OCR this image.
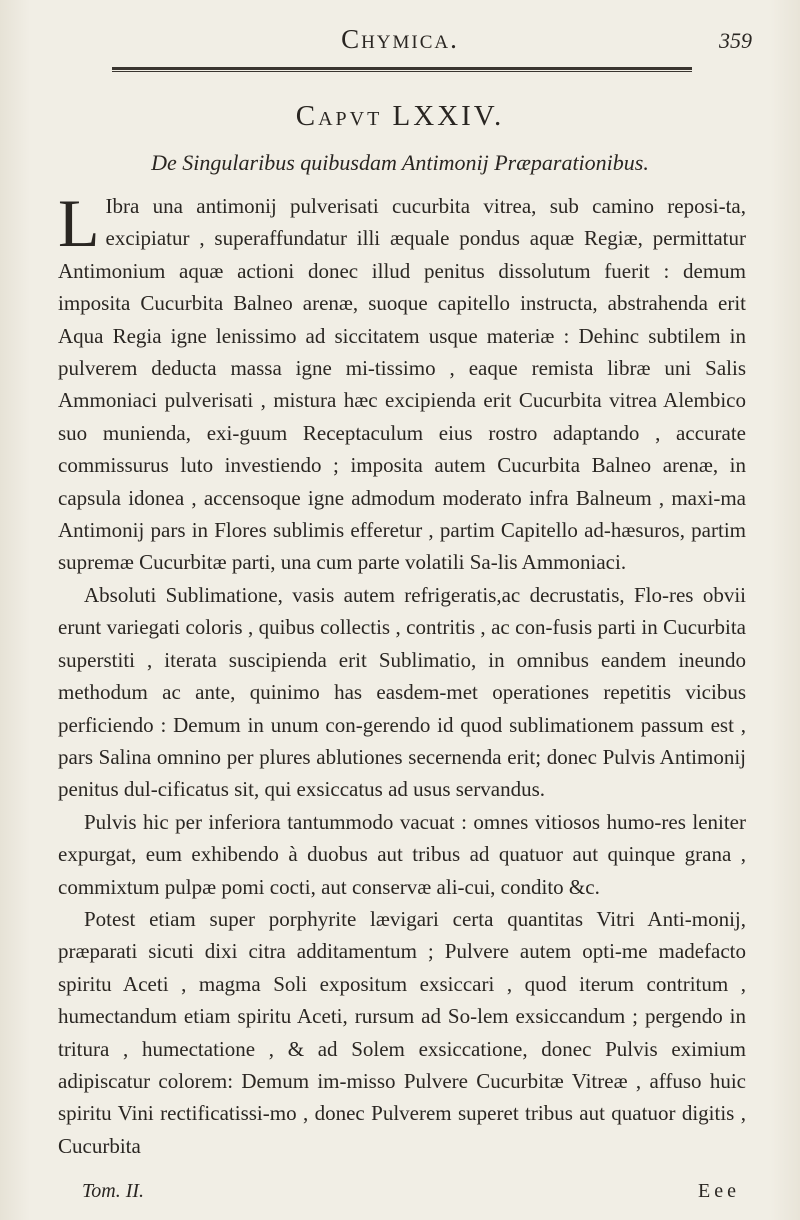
Chymica.	359
Capvt LXXIV.
De Singularibus quibusdam Antimonij Præparationibus.

L Ibra una antimonij pulverisati cucurbita vitrea, sub camino reposi-ta, excipiatur , superaffundatur illi æquale pondus aquæ Regiæ, permittatur Antimonium aquæ actioni donec illud penitus dissolutum fuerit : demum imposita Cucurbita Balneo arenæ, suoque capitello instructa, abstrahenda erit Aqua Regia igne lenissimo ad siccitatem usque materiæ : Dehinc subtilem in pulverem deducta massa igne mi-tissimo , eaque remista libræ uni Salis Ammoniaci pulverisati , mistura hæc excipienda erit Cucurbita vitrea Alembico suo munienda, exi-guum Receptaculum eius rostro adaptando , accurate commissurus luto investiendo ; imposita autem Cucurbita Balneo arenæ, in capsula idonea , accensoque igne admodum moderato infra Balneum , maxi-ma Antimonij pars in Flores sublimis efferetur , partim Capitello ad-hæsuros, partim supremæ Cucurbitæ parti, una cum parte volatili Sa-lis Ammoniaci.

Absoluti Sublimatione, vasis autem refrigeratis,ac decrustatis, Flo-res obvii erunt variegati coloris , quibus collectis , contritis , ac con-fusis parti in Cucurbita superstiti , iterata suscipienda erit Sublimatio, in omnibus eandem ineundo methodum ac ante, quinimo has easdem-met operationes repetitis vicibus perficiendo : Demum in unum con-gerendo id quod sublimationem passum est , pars Salina omnino per plures ablutiones secernenda erit; donec Pulvis Antimonij penitus dul-cificatus sit, qui exsiccatus ad usus servandus.

Pulvis hic per inferiora tantummodo vacuat : omnes vitiosos humo-res leniter expurgat, eum exhibendo à duobus aut tribus ad quatuor aut quinque grana , commixtum pulpæ pomi cocti, aut conservæ ali-cui, condito &c.

Potest etiam super porphyrite lævigari certa quantitas Vitri Anti-monij, præparati sicuti dixi citra additamentum ; Pulvere autem opti-me madefacto spiritu Aceti , magma Soli expositum exsiccari , quod iterum contritum , humectandum etiam spiritu Aceti, rursum ad So-lem exsiccandum ; pergendo in tritura , humectatione , & ad Solem exsiccatione, donec Pulvis eximium adipiscatur colorem: Demum im-misso Pulvere Cucurbitæ Vitreæ , affuso huic spiritu Vini rectificatissi-mo , donec Pulverem superet tribus aut quatuor digitis , Cucurbita

Tom. II.	Eee
